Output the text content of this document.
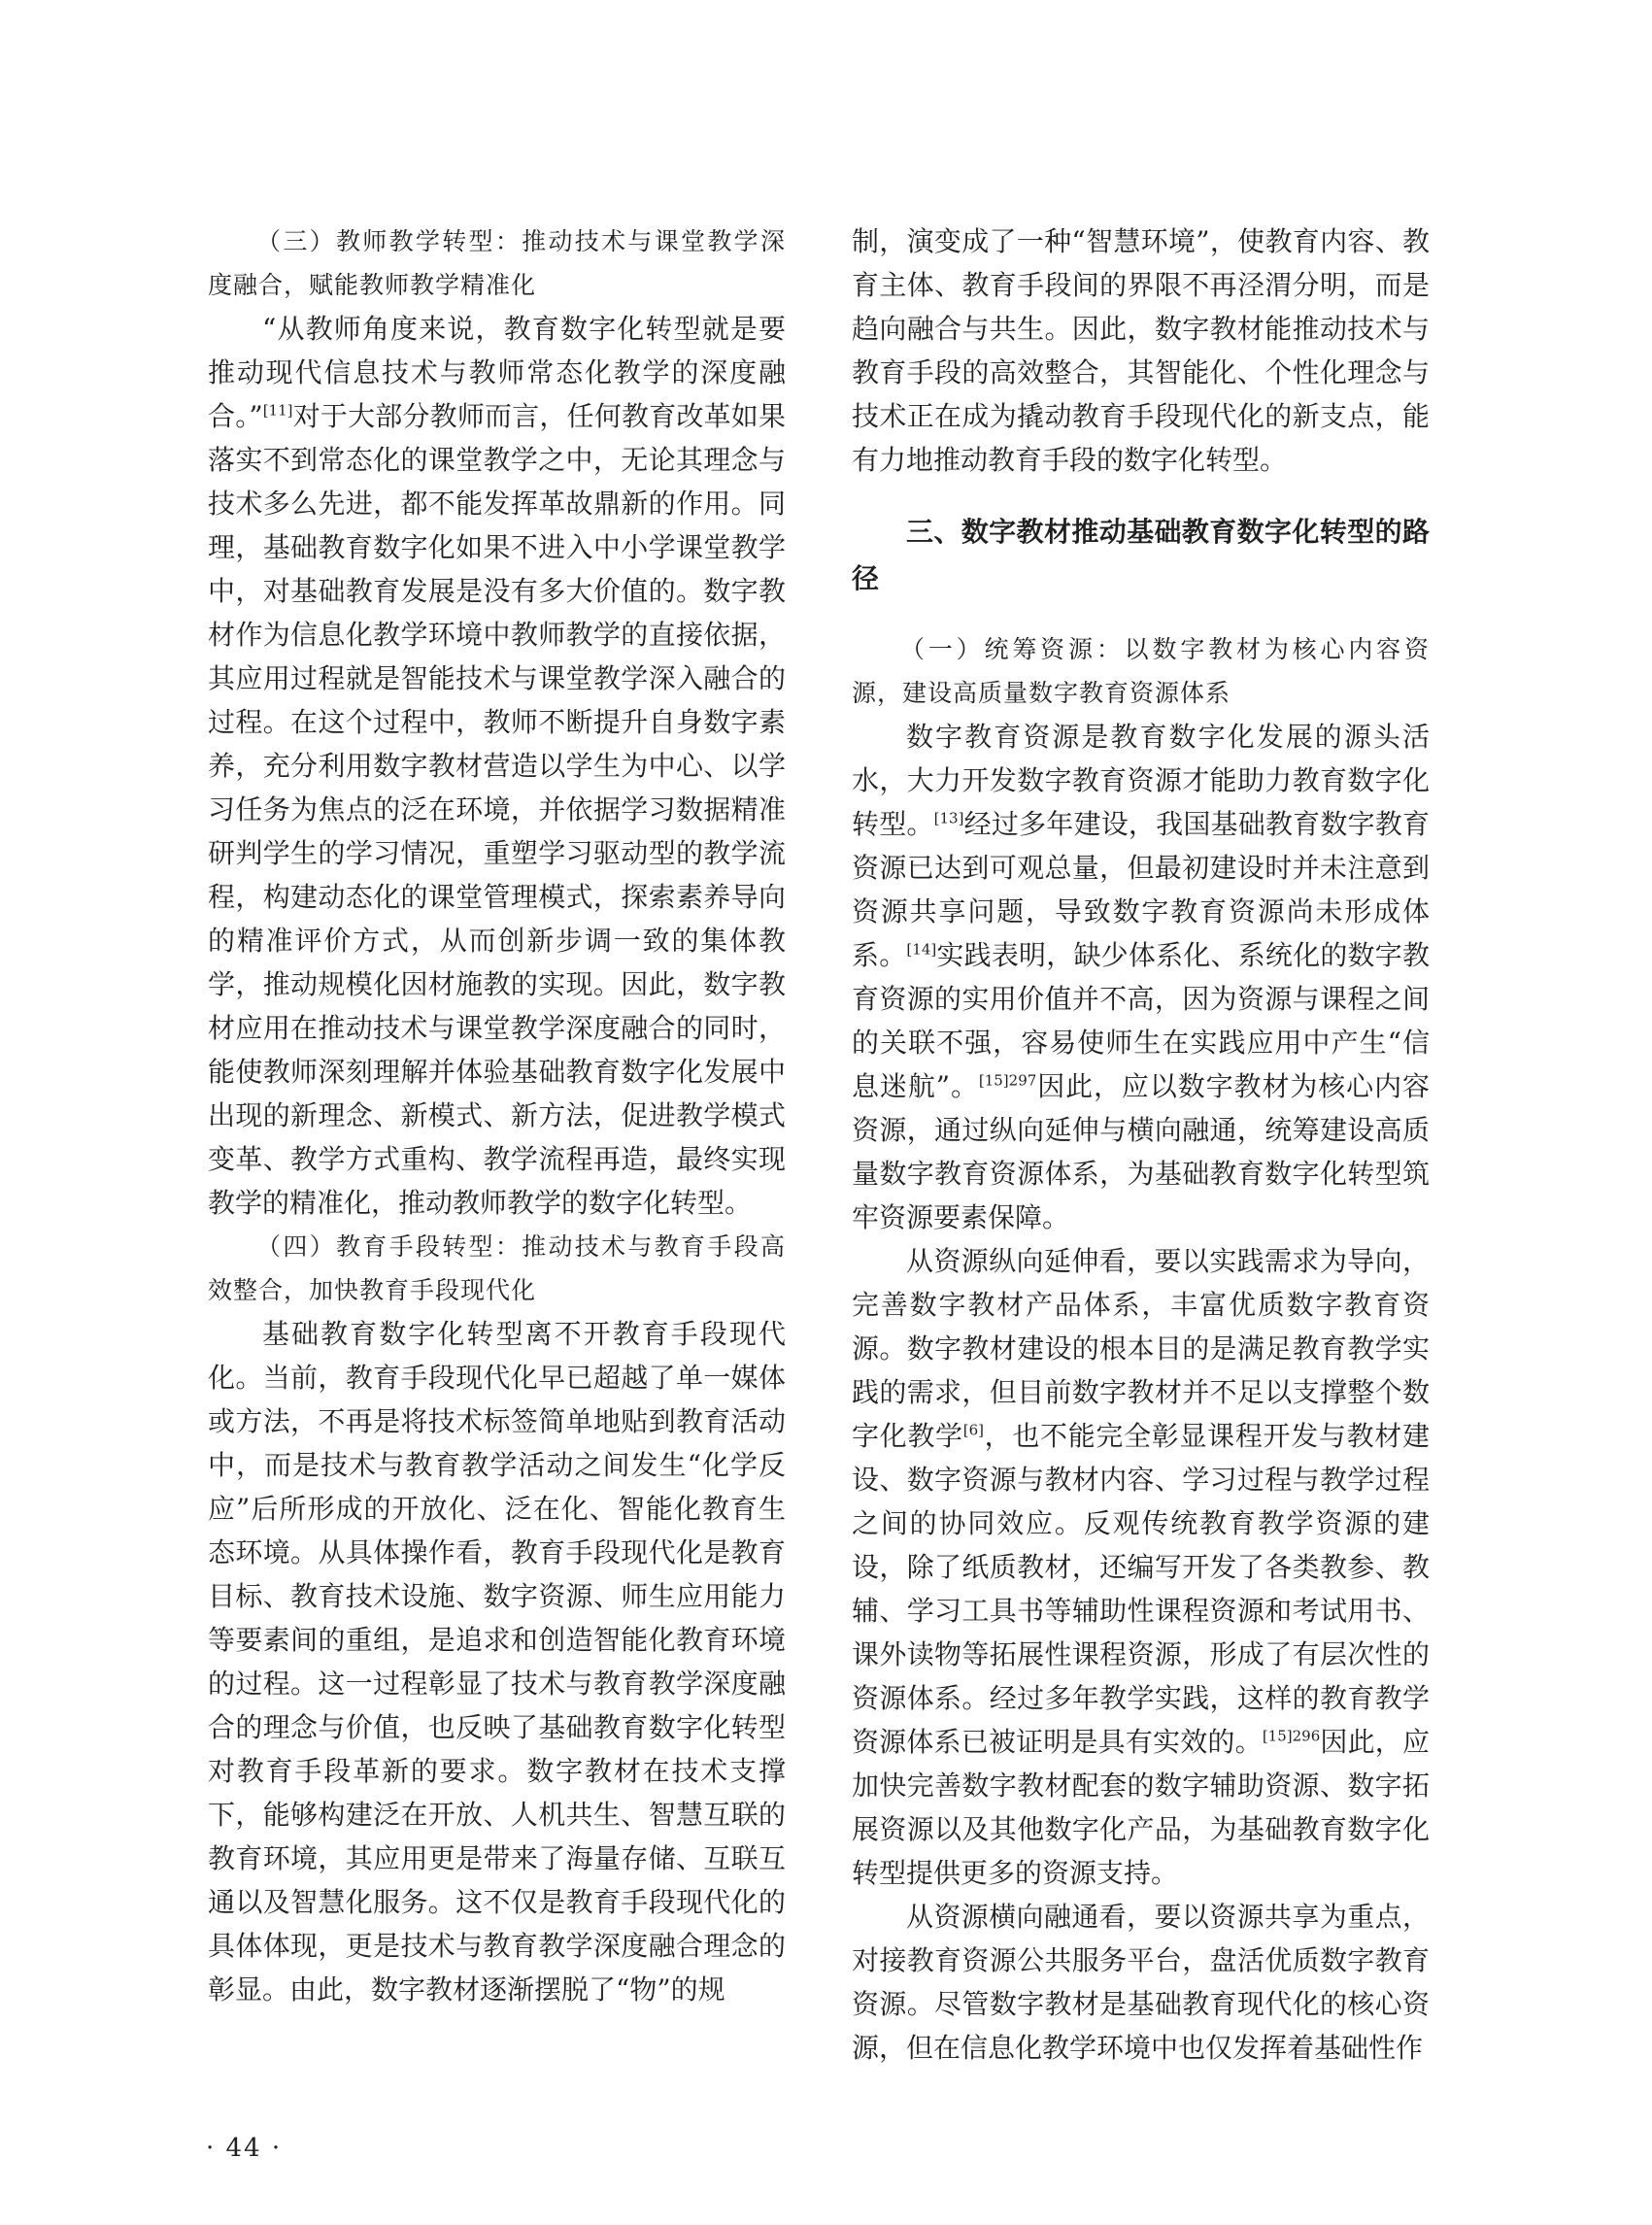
（三）教师教学转型：推动技术与课堂教学深度融合，赋能教师教学精准化

“从教师角度来说，教育数字化转型就是要推动现代信息技术与教师常态化教学的深度融合。”[11]对于大部分教师而言，任何教育改革如果落实不到常态化的课堂教学之中，无论其理念与技术多么先进，都不能发挥革故鼎新的作用。同理，基础教育数字化如果不进入中小学课堂教学中，对基础教育发展是没有多大价值的。数字教材作为信息化教学环境中教师教学的直接依据，其应用过程就是智能技术与课堂教学深入融合的过程。在这个过程中，教师不断提升自身数字素养，充分利用数字教材营造以学生为中心、以学习任务为焦点的泛在环境，并依据学习数据精准研判学生的学习情况，重塑学习驱动型的教学流程，构建动态化的课堂管理模式，探索素养导向的精准评价方式，从而创新步调一致的集体教学，推动规模化因材施教的实现。因此，数字教材应用在推动技术与课堂教学深度融合的同时，能使教师深刻理解并体验基础教育数字化发展中出现的新理念、新模式、新方法，促进教学模式变革、教学方式重构、教学流程再造，最终实现教学的精准化，推动教师教学的数字化转型。

（四）教育手段转型：推动技术与教育手段高效整合，加快教育手段现代化

基础教育数字化转型离不开教育手段现代化。当前，教育手段现代化早已超越了单一媒体或方法，不再是将技术标签简单地贴到教育活动中，而是技术与教育教学活动之间发生“化学反应”后所形成的开放化、泛在化、智能化教育生态环境。从具体操作看，教育手段现代化是教育目标、教育技术设施、数字资源、师生应用能力等要素间的重组，是追求和创造智能化教育环境的过程。这一过程彰显了技术与教育教学深度融合的理念与价值，也反映了基础教育数字化转型对教育手段革新的要求。数字教材在技术支撑下，能够构建泛在开放、人机共生、智慧互联的教育环境，其应用更是带来了海量存储、互联互通以及智慧化服务。这不仅是教育手段现代化的具体体现，更是技术与教育教学深度融合理念的彰显。由此，数字教材逐渐摆脱了“物”的规

制，演变成了一种“智慧环境”，使教育内容、教育主体、教育手段间的界限不再泾渭分明，而是趋向融合与共生。因此，数字教材能推动技术与教育手段的高效整合，其智能化、个性化理念与技术正在成为撬动教育手段现代化的新支点，能有力地推动教育手段的数字化转型。

三、数字教材推动基础教育数字化转型的路径

（一）统筹资源：以数字教材为核心内容资源，建设高质量数字教育资源体系

数字教育资源是教育数字化发展的源头活水，大力开发数字教育资源才能助力教育数字化转型。[13]经过多年建设，我国基础教育数字教育资源已达到可观总量，但最初建设时并未注意到资源共享问题，导致数字教育资源尚未形成体系。[14]实践表明，缺少体系化、系统化的数字教育资源的实用价值并不高，因为资源与课程之间的关联不强，容易使师生在实践应用中产生“信息迷航”。$^{[15]297}$因此，应以数字教材为核心内容资源，通过纵向延伸与横向融通，统筹建设高质量数字教育资源体系，为基础教育数字化转型筑牢资源要素保障。

从资源纵向延伸看，要以实践需求为导向，完善数字教材产品体系，丰富优质数字教育资源。数字教材建设的根本目的是满足教育教学实践的需求，但目前数字教材并不足以支撑整个数字化教学[6]，也不能完全彰显课程开发与教材建设、数字资源与教材内容、学习过程与教学过程之间的协同效应。反观传统教育教学资源的建设，除了纸质教材，还编写开发了各类教参、教辅、学习工具书等辅助性课程资源和考试用书、课外读物等拓展性课程资源，形成了有层次性的资源体系。经过多年教学实践，这样的教育教学资源体系已被证明是具有实效的。$^{[15]296}$因此，应加快完善数字教材配套的数字辅助资源、数字拓展资源以及其他数字化产品，为基础教育数字化转型提供更多的资源支持。

从资源横向融通看，要以资源共享为重点，对接教育资源公共服务平台，盘活优质数字教育资源。尽管数字教材是基础教育现代化的核心资源，但在信息化教学环境中也仅发挥着基础性作

· 44 ·
